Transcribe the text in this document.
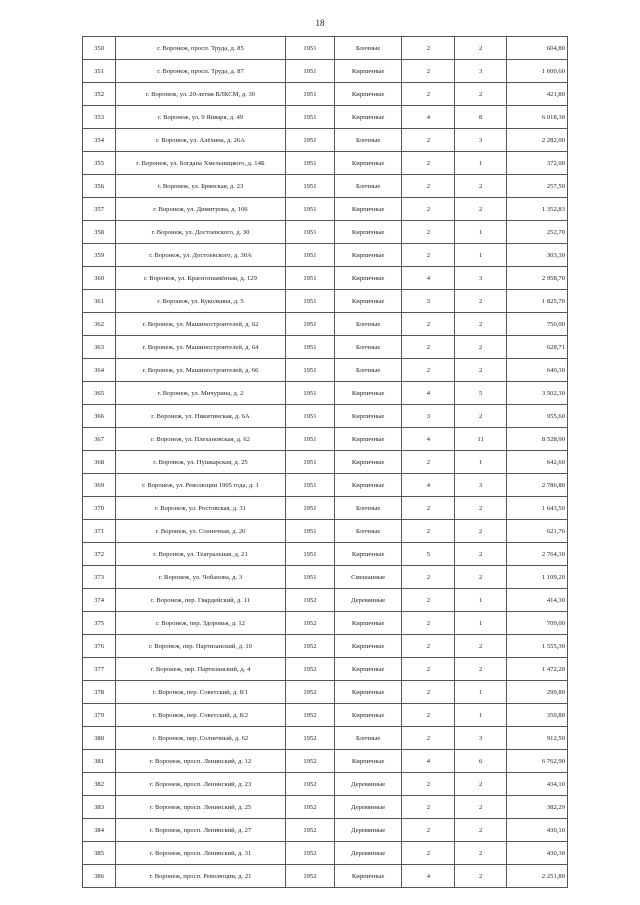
18
350	г. Воронеж, просп. Труда, д. 85	1951	Блочные	2	2	604,80
351	г. Воронеж, просп. Труда, д. 87	1951	Кирпичные	2	3	1 600,60
352	г. Воронеж, ул. 20-летия ВЛКСМ, д. 30	1951	Кирпичные	2	2	421,80
353	г. Воронеж, ул. 9 Января, д. 49	1951	Кирпичные	4	8	6 018,30
354	г. Воронеж, ул. Алёхина, д. 26А	1951	Блочные	2	3	2 282,00
355	г. Воронеж, ул. Богдана Хмельницкого, д. 14Б	1951	Кирпичные	2	1	372,00
356	г. Воронеж, ул. Брянская, д. 23	1951	Блочные	2	2	257,50
357	г. Воронеж, ул. Димитрова, д. 106	1951	Кирпичные	2	2	1 352,83
358	г. Воронеж, ул. Достоевского, д. 30	1951	Кирпичные	2	1	252,70
359	г. Воронеж, ул. Достоевского, д. 30А	1951	Кирпичные	2	1	303,30
360	г. Воронеж, ул. Краснознамённая, д. 129	1951	Кирпичные	4	3	2 958,70
361	г. Воронеж, ул. Куколкина, д. 5	1951	Кирпичные	3	2	1 825,70
362	г. Воронеж, ул. Машиностроителей, д. 62	1951	Блочные	2	2	750,00
363	г. Воронеж, ул. Машиностроителей, д. 64	1951	Блочные	2	2	628,71
364	г. Воронеж, ул. Машиностроителей, д. 66	1951	Блочные	2	2	640,30
365	г. Воронеж, ул. Мичурина, д. 2	1951	Кирпичные	4	5	3 502,30
366	г. Воронеж, ул. Никитинская, д. 6А	1951	Кирпичные	3	2	955,60
367	г. Воронеж, ул. Плехановская, д. 62	1951	Кирпичные	4	11	8 528,90
368	г. Воронеж, ул. Пушкарская, д. 25	1951	Кирпичные	2	1	642,60
369	г. Воронеж, ул. Революции 1905 года, д. 1	1951	Кирпичные	4	3	2 786,80
370	г. Воронеж, ул. Ростовская, д. 31	1951	Блочные	2	2	1 643,50
371	г. Воронеж, ул. Солнечная, д. 20	1951	Блочные	2	2	621,76
372	г. Воронеж, ул. Театральная, д. 21	1951	Кирпичные	5	2	2 764,30
373	г. Воронеж, ул. Чобанова, д. 3	1951	Смешанные	2	2	1 109,20
374	г. Воронеж, пер. Гвардейский, д. 11	1952	Деревянные	2	1	414,30
375	г. Воронеж, пер. Здоровья, д. 12	1952	Кирпичные	2	1	709,00
376	г. Воронеж, пер. Партизанский, д. 10	1952	Кирпичные	2	2	1 555,30
377	г. Воронеж, пер. Партизанский, д. 4	1952	Кирпичные	2	2	1 472,20
378	г. Воронеж, пер. Советский, д. 8/1	1952	Кирпичные	2	1	299,80
379	г. Воронеж, пер. Советский, д. 8/2	1952	Кирпичные	2	1	350,80
380	г. Воронеж, пер. Солнечный, д. 62	1952	Блочные	2	3	912,50
381	г. Воронеж, просп. Ленинский, д. 12	1952	Кирпичные	4	6	6 762,90
382	г. Воронеж, просп. Ленинский, д. 23	1952	Деревянные	2	2	434,10
383	г. Воронеж, просп. Ленинский, д. 25	1952	Деревянные	2	2	382,29
384	г. Воронеж, просп. Ленинский, д. 27	1952	Деревянные	2	2	430,10
385	г. Воронеж, просп. Ленинский, д. 31	1952	Деревянные	2	2	430,30
386	г. Воронеж, просп. Революции, д. 21	1952	Кирпичные	4	2	2 251,80
